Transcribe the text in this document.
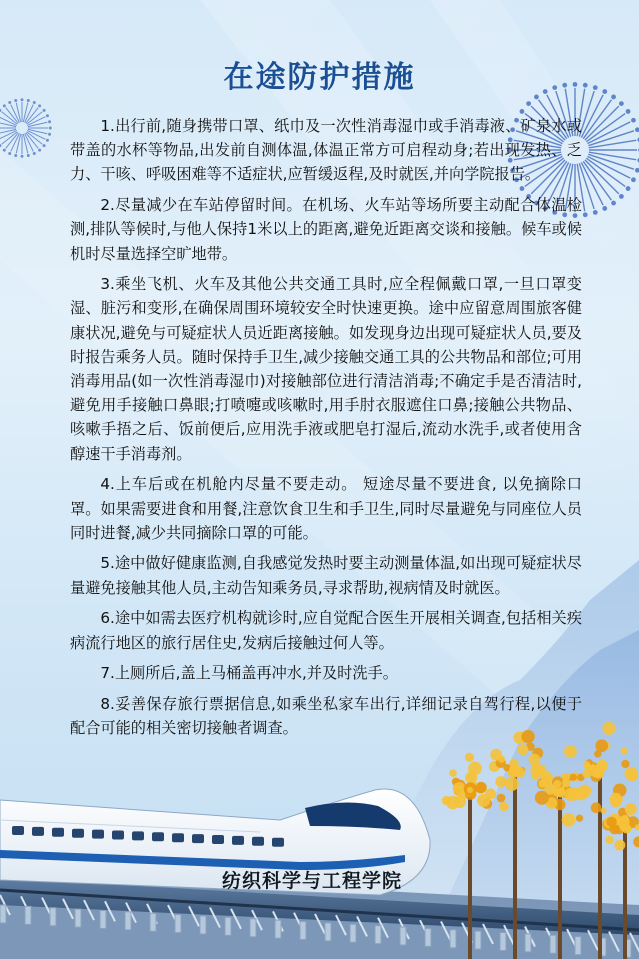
在途防护措施

1.出行前,随身携带口罩、纸巾及一次性消毒湿巾或手消毒液、矿泉水或带盖的水杯等物品,出发前自测体温,体温正常方可启程动身;若出现发热、乏力、干咳、呼吸困难等不适症状,应暂缓返程,及时就医,并向学院报告。

2.尽量减少在车站停留时间。在机场、火车站等场所要主动配合体温检测,排队等候时,与他人保持1米以上的距离,避免近距离交谈和接触。候车或候机时尽量选择空旷地带。

3.乘坐飞机、火车及其他公共交通工具时,应全程佩戴口罩,一旦口罩变湿、脏污和变形,在确保周围环境较安全时快速更换。途中应留意周围旅客健康状况,避免与可疑症状人员近距离接触。如发现身边出现可疑症状人员,要及时报告乘务人员。随时保持手卫生,减少接触交通工具的公共物品和部位;可用消毒用品(如一次性消毒湿巾)对接触部位进行清洁消毒;不确定手是否清洁时,避免用手接触口鼻眼;打喷嚏或咳嗽时,用手肘衣服遮住口鼻;接触公共物品、咳嗽手捂之后、饭前便后,应用洗手液或肥皂打湿后,流动水洗手,或者使用含醇速干手消毒剂。

4.上车后或在机舱内尽量不要走动。 短途尽量不要进食, 以免摘除口罩。如果需要进食和用餐,注意饮食卫生和手卫生,同时尽量避免与同座位人员同时进餐,减少共同摘除口罩的可能。

5.途中做好健康监测,自我感觉发热时要主动测量体温,如出现可疑症状尽量避免接触其他人员,主动告知乘务员,寻求帮助,视病情及时就医。

6.途中如需去医疗机构就诊时,应自觉配合医生开展相关调查,包括相关疾病流行地区的旅行居住史,发病后接触过何人等。

7.上厕所后,盖上马桶盖再冲水,并及时洗手。

8.妥善保存旅行票据信息,如乘坐私家车出行,详细记录自驾行程,以便于配合可能的相关密切接触者调查。

纺织科学与工程学院
